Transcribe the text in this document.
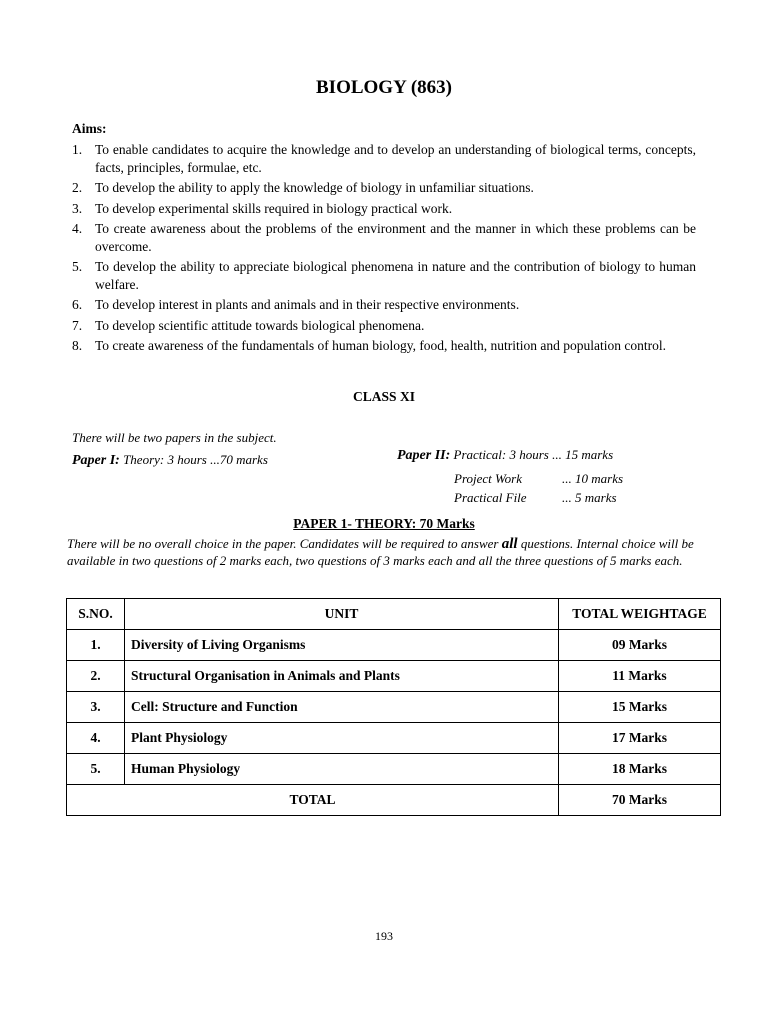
BIOLOGY (863)
Aims:
1. To enable candidates to acquire the knowledge and to develop an understanding of biological terms, concepts, facts, principles, formulae, etc.
2. To develop the ability to apply the knowledge of biology in unfamiliar situations.
3. To develop experimental skills required in biology practical work.
4. To create awareness about the problems of the environment and the manner in which these problems can be overcome.
5. To develop the ability to appreciate biological phenomena in nature and the contribution of biology to human welfare.
6. To develop interest in plants and animals and in their respective environments.
7. To develop scientific attitude towards biological phenomena.
8. To create awareness of the fundamentals of human biology, food, health, nutrition and population control.
CLASS XI
There will be two papers in the subject.
Paper I: Theory: 3 hours ...70 marks	Paper II: Practical: 3 hours ... 15 marks
Project Work	... 10 marks
Practical File	... 5 marks
PAPER 1- THEORY: 70 Marks
There will be no overall choice in the paper. Candidates will be required to answer all questions. Internal choice will be available in two questions of 2 marks each, two questions of 3 marks each and all the three questions of 5 marks each.
S.NO.	UNIT	TOTAL WEIGHTAGE
1.	Diversity of Living Organisms	09 Marks
2.	Structural Organisation in Animals and Plants	11 Marks
3.	Cell: Structure and Function	15 Marks
4.	Plant Physiology	17 Marks
5.	Human Physiology	18 Marks
TOTAL		70 Marks
193
